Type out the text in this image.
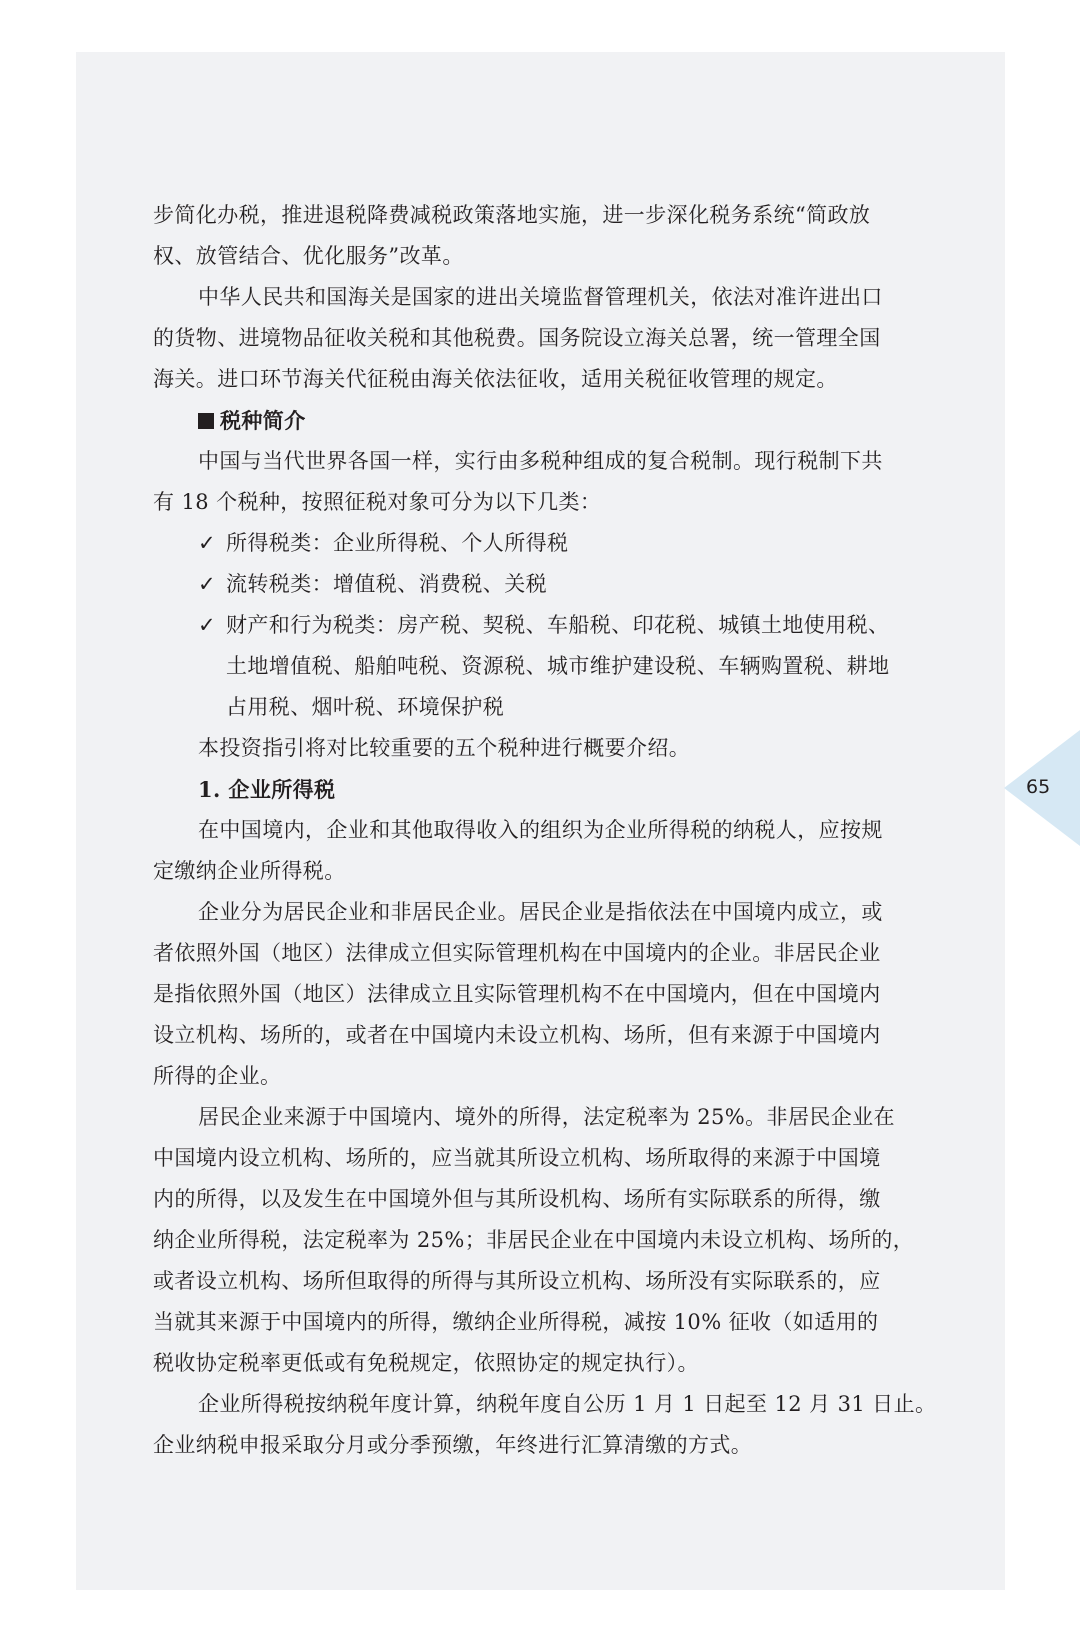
步简化办税，推进退税降费减税政策落地实施，进一步深化税务系统“简政放
权、放管结合、优化服务”改革。
中华人民共和国海关是国家的进出关境监督管理机关，依法对准许进出口
的货物、进境物品征收关税和其他税费。国务院设立海关总署，统一管理全国
海关。进口环节海关代征税由海关依法征收，适用关税征收管理的规定。
税种简介
中国与当代世界各国一样，实行由多税种组成的复合税制。现行税制下共
有 18 个税种，按照征税对象可分为以下几类：
✓ 所得税类：企业所得税、个人所得税
✓ 流转税类：增值税、消费税、关税
✓ 财产和行为税类：房产税、契税、车船税、印花税、城镇土地使用税、
土地增值税、船舶吨税、资源税、城市维护建设税、车辆购置税、耕地
占用税、烟叶税、环境保护税
本投资指引将对比较重要的五个税种进行概要介绍。
1. 企业所得税
在中国境内，企业和其他取得收入的组织为企业所得税的纳税人，应按规
定缴纳企业所得税。
企业分为居民企业和非居民企业。居民企业是指依法在中国境内成立，或
者依照外国（地区）法律成立但实际管理机构在中国境内的企业。非居民企业
是指依照外国（地区）法律成立且实际管理机构不在中国境内，但在中国境内
设立机构、场所的，或者在中国境内未设立机构、场所，但有来源于中国境内
所得的企业。
居民企业来源于中国境内、境外的所得，法定税率为 25%。非居民企业在
中国境内设立机构、场所的，应当就其所设立机构、场所取得的来源于中国境
内的所得，以及发生在中国境外但与其所设机构、场所有实际联系的所得，缴
纳企业所得税，法定税率为 25%；非居民企业在中国境内未设立机构、场所的，
或者设立机构、场所但取得的所得与其所设立机构、场所没有实际联系的，应
当就其来源于中国境内的所得，缴纳企业所得税，减按 10% 征收（如适用的
税收协定税率更低或有免税规定，依照协定的规定执行）。
企业所得税按纳税年度计算，纳税年度自公历 1 月 1 日起至 12 月 31 日止。
企业纳税申报采取分月或分季预缴，年终进行汇算清缴的方式。
65
